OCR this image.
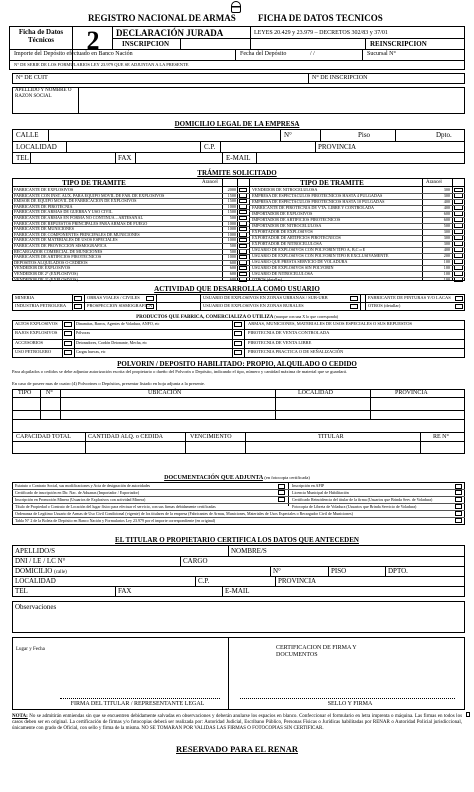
REGISTRO NACIONAL DE ARMAS FICHA DE DATOS TECNICOS
Ficha de Datos Técnicos	2	DECLARACIÓN JURADA	LEYES 20.429 y 23.979 – DECRETOS 302/83 y 37/01
INSCRIPCION	REINSCRIPCION
Importe del Depósito efectuado en Banco Nación	Fecha del Depósito	/ /	Sucursal N°
N° DE SERIE DE LOS FORMULARIOS LEY 23.979 QUE SE ADJUNTAN A LA PRESENTE
N° DE CUIT	N° DE INSCRIPCION
APELLIDO Y NOMBRE O RAZON SOCIAL
DOMICILIO LEGAL DE LA EMPRESA
CALLE	N°	Piso	Dpto.
LOCALIDAD	C.P.	PROVINCIA
TEL	FAX	E-MAIL
TRÁMITE SOLICITADO
TIPO DE TRAMITE	Arancel	TIPO DE TRAMITE	Arancel
FABRICANTE DE EXPLOSIVOS	2000
FABRICANTE CON INST. AUX. PARA EQUIPO MOVIL DE FAB. DE EXPLOSIVOS	1500
EMISOR DE EQUIPO MOVIL DE FABRICACION DE EXPLOSIVOS	1500
FABRICANTE DE PIROTECNIA	1000
FABRICANTE DE ARMAS DE GUERRA Y USO CIVIL	1500
FABRICANTE DE ARMAS EN FORMA NO CONTINUA – ARTESANAL	500
FABRICANTE DE REPUESTOS PRINCIPALES PARA ARMAS DE FUEGO	1000
FABRICANTE DE MUNICIONES	1000
FABRICANTE DE COMPONENTES PRINCIPALES DE MUNICIONES	1000
FABRICANTE DE MATERIALES DE USOS ESPECIALES	1000
FABRICANTE DE PROYECCION SISMOGRAFICA	500
RECARGADOR COMERCIAL DE MUNICIONES	500
FABRICANTE DE ARTIFICIOS PIROTECNICOS	1000
DEPOSITOS ALQUILADOS O CEDIDOS	600
VENDEDOR DE EXPLOSIVOS	600
VENDEDOR DE 2° (EXPLOSIVOS)	600
VENDEDOR DE 3° (EXPLOSIVOS)	600
VENDEDOR DE NITROCELULOSA	300
EMPRESA DE ESPECTACULOS PIROTECNICOS HASTA 4 PULGADAS	300
EMPRESA DE ESPECTACULOS PIROTECNICOS HASTA 10 PULGADAS	400
FABRICANTE DE PIROTECNIA DE VTA. LIBRE Y CONTROLADA	400
IMPORTADOR DE EXPLOSIVOS	600
IMPORTADOR DE ARTIFICIOS PIROTECNICOS	600
IMPORTADOR DE NITROCELULOSA	500
EXPORTADOR DE EXPLOSIVOS	300
EXPORTADOR DE ARTIFICIOS PIROTECNICOS	300
EXPORTADOR DE NITROCELULOSA	300
USUARIO DE EXPLOSIVOS CON POLVORIN TIPO A, B,C o E	400
USUARIO DE EXPLOSIVOS CON POLVORIN TIPO B EXCLUSIVAMENTE	200
USUARIO QUE PRESTA SERVICIO DE VOLADURA	100
USUARIO DE EXPLOSIVOS SIN POLVORIN	100
USUARIO DE NITROCELULOSA	100
OTROS (detallar)	100
ACTIVIDAD QUE DESARROLLA COMO USUARIO
MINERIA	OBRAS VIALES / CIVILES	USUARIO DE EXPLOSIVOS EN ZONAS URBANAS / SUB-URB	FABRICANTE DE PINTURAS Y/O LACAS
INDUSTRIA PETROLERA	PROSPECCION SISMOGRAFICA	USUARIO DE EXPLOSIVOS EN ZONAS RURALES	OTROS (detallar)
PRODUCTOS QUE FABRICA, COMERCIALIZA O UTILIZA (marque con una X lo que corresponda)
ALTOS EXPLOSIVOS	Dinamitas, Barros, Agentes de Voladura, ANFO, etc	ARMAS, MUNICIONES, MATERIALES DE USOS ESPECIALES O SUS REPUESTOS
BAJOS EXPLOSIVOS	Pólvoras	PIROTECNIA DE VENTA CONTROLADA
ACCESORIOS	Detonadores, Cordón Detonante, Mecha, etc	PIROTECNIA DE VENTA LIBRE
USO PETROLERO	Cargas huecas, etc	PIROTECNIA PRACTICA O DE SEÑALIZACIÓN
POLVORIN / DEPOSITO HABILITADO: PROPIO, ALQUILADO O CEDIDO
Para alquilados o cedidos se debe adjuntar autorización escrita del propietario o dueño del Polvorín o Depósito, indicando el tipo, número y cantidad máxima de material que se guardará.
En caso de poseer mas de cuatro (4) Polvorines o Depósitos, presentar listado en hoja adjunta a la presente.
TIPO N°	UBICACIÓN	LOCALIDAD	PROVINCIA
CAPACIDAD TOTAL	CANTIDAD ALQ. o CEDIDA	VENCIMIENTO	TITULAR	RE N°
DOCUMENTACIÓN QUE ADJUNTA (en fotocopia certificada)
Estatuto o Contrato Social, sus modificaciones y Acta de designación de autoridades
Certificado de inscripción en Dir. Nac. de Aduanas (Importador / Exportador)
Inscripción en Promoción Minera (Usuarios de Explosivos con actividad Minera)
Título de Propiedad o Contrato de Locación del lugar físico para efectuar el servicio, con sus firmas debidamente certificadas
Ordenanza de Legítimo Usuario de Armas de Uso Civil Condicional (vigente) de los titulares de la empresa (Fabricantes de Armas, Municiones, Materiales de Usos Especiales o Recargador Civil de Municiones)
Tabla N° 2 de la Boleta de Depósito en Banco Nación y Formularios Ley 23.979 por el importe correspondiente (en original)
Inscripción en AFIP
Licencia Municipal de Habilitación
Certificado Reincidencia del titular de la firma (Usuarios que Brinda Serv. de Voladura)
Fotocopia de Libreta de Voladura (Usuarios que Brinda Servicio de Voladura)
EL TITULAR O PROPIETARIO CERTIFICA LOS DATOS QUE ANTECEDEN
APELLIDO/S	NOMBRE/S
DNI / LE / LC N°	CARGO
DOMICILIO (calle)	N°	PISO	DPTO.
LOCALIDAD	C.P.	PROVINCIA
TEL	FAX	E-MAIL
Observaciones
Lugar y Fecha	CERTIFICACION DE FIRMA Y DOCUMENTOS
FIRMA DEL TITULAR / REPRESENTANTE LEGAL	SELLO Y FIRMA
NOTA: No se admitirán enmiendas sin que se encuentren debidamente salvadas en observaciones y deberán anularse los espacios en blanco. Confeccionar el formulario en letra imprenta o máquina. Las firmas en todos los casos deben ser en original. La certificación de firmas y/o fotocopias deberá ser realizada por: Autoridad Judicial, Escribano Público, Personas Físicas o Jurídicas habilitadas por RENAR o Autoridad Policial jurisdiccional, únicamente con grado de Oficial, con sello y firma de la misma. NO SE TOMARAN POR VALIDAS LAS FIRMAS O FOTOCOPIAS SIN CERTIFICAR.
RESERVADO PARA EL RENAR
